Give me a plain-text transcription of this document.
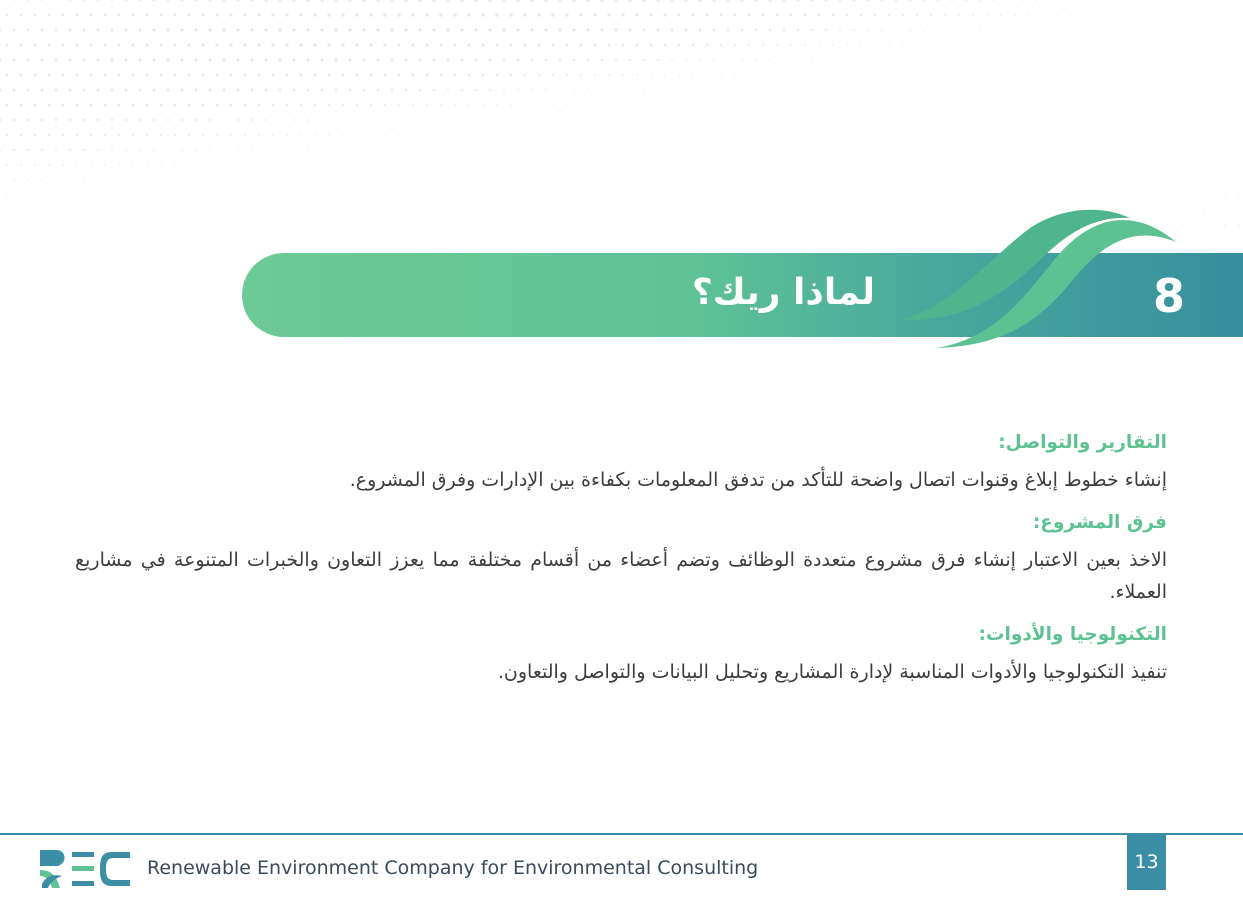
8
لماذا ريك؟

التقارير والتواصل:

إنشاء خطوط إبلاغ وقنوات اتصال واضحة للتأكد من تدفق المعلومات بكفاءة بين الإدارات وفرق المشروع.

فرق المشروع:

الاخذ بعين الاعتبار إنشاء فرق مشروع متعددة الوظائف وتضم أعضاء من أقسام مختلفة مما يعزز التعاون والخبرات المتنوعة في مشاريع العملاء.

التكنولوجيا والأدوات:

تنفيذ التكنولوجيا والأدوات المناسبة لإدارة المشاريع وتحليل البيانات والتواصل والتعاون.

Renewable Environment Company for Environmental Consulting	13
